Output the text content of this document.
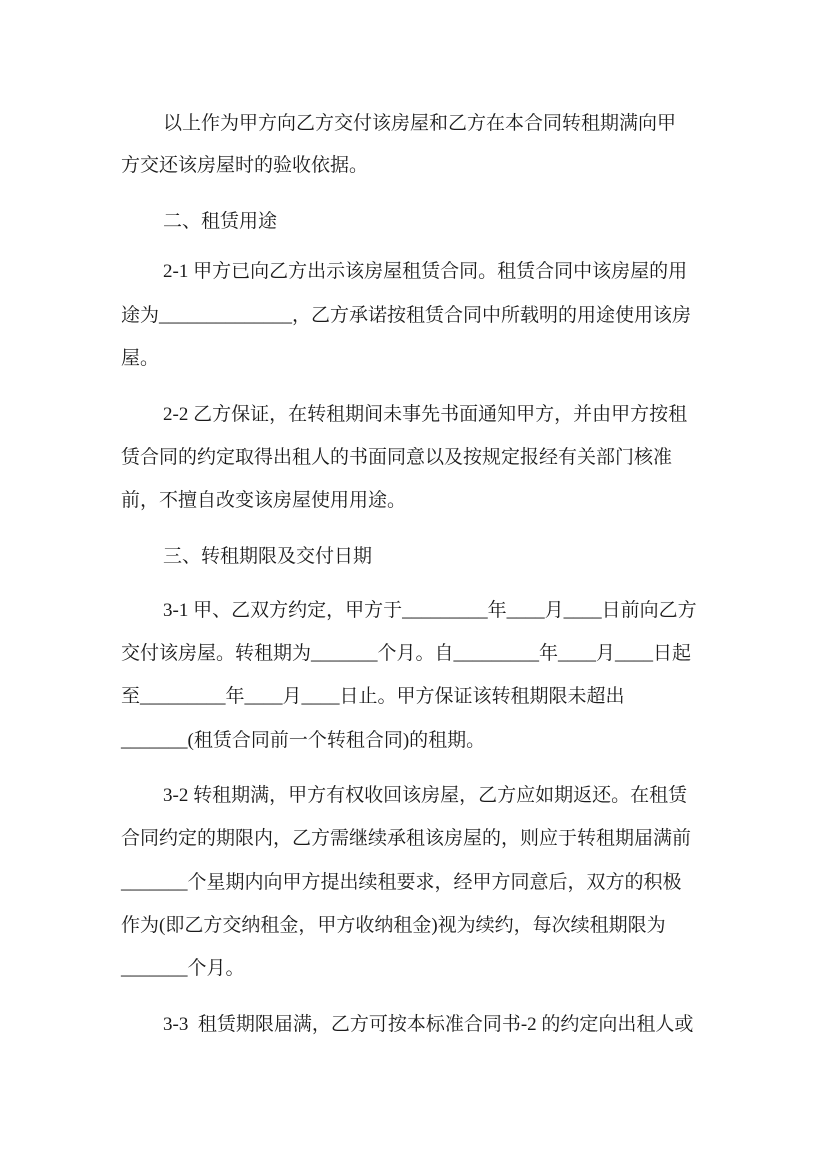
以上作为甲方向乙方交付该房屋和乙方在本合同转租期满向甲
方交还该房屋时的验收依据。
二、租赁用途
2-1 甲方已向乙方出示该房屋租赁合同。租赁合同中该房屋的用
途为______________，乙方承诺按租赁合同中所载明的用途使用该房
屋。
2-2 乙方保证，在转租期间未事先书面通知甲方，并由甲方按租
赁合同的约定取得出租人的书面同意以及按规定报经有关部门核准
前，不擅自改变该房屋使用用途。
三、转租期限及交付日期
3-1 甲、乙双方约定，甲方于_________年____月____日前向乙方
交付该房屋。转租期为_______个月。自_________年____月____日起
至_________年____月____日止。甲方保证该转租期限未超出
_______(租赁合同前一个转租合同)的租期。
3-2 转租期满，甲方有权收回该房屋，乙方应如期返还。在租赁
合同约定的期限内，乙方需继续承租该房屋的，则应于转租期届满前
_______个星期内向甲方提出续租要求，经甲方同意后，双方的积极
作为(即乙方交纳租金，甲方收纳租金)视为续约，每次续租期限为
_______个月。
3-3  租赁期限届满，乙方可按本标准合同书-2 的约定向出租人或
